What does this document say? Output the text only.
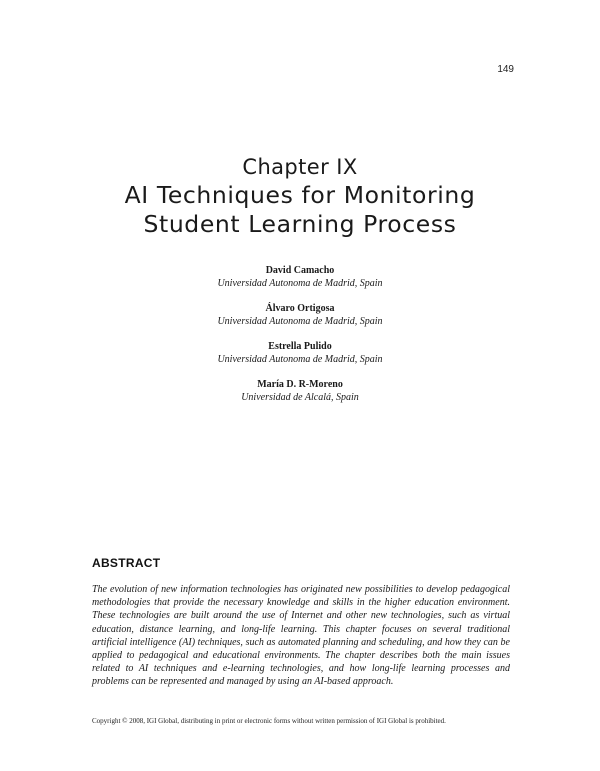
149
Chapter IX
AI Techniques for Monitoring
Student Learning Process
David Camacho
Universidad Autonoma de Madrid, Spain
Álvaro Ortigosa
Universidad Autonoma de Madrid, Spain
Estrella Pulido
Universidad Autonoma de Madrid, Spain
María D. R-Moreno
Universidad de Alcalá, Spain
ABSTRACT

The evolution of new information technologies has originated new possibilities to develop pedagogical methodologies that provide the necessary knowledge and skills in the higher education environment. These technologies are built around the use of Internet and other new technologies, such as virtual education, distance learning, and long-life learning. This chapter focuses on several traditional artificial intelligence (AI) techniques, such as automated planning and scheduling, and how they can be applied to pedagogical and educational environments. The chapter describes both the main issues related to AI techniques and e-learning technologies, and how long-life learning processes and problems can be represented and managed by using an AI-based approach.

Copyright © 2008, IGI Global, distributing in print or electronic forms without written permission of IGI Global is prohibited.
